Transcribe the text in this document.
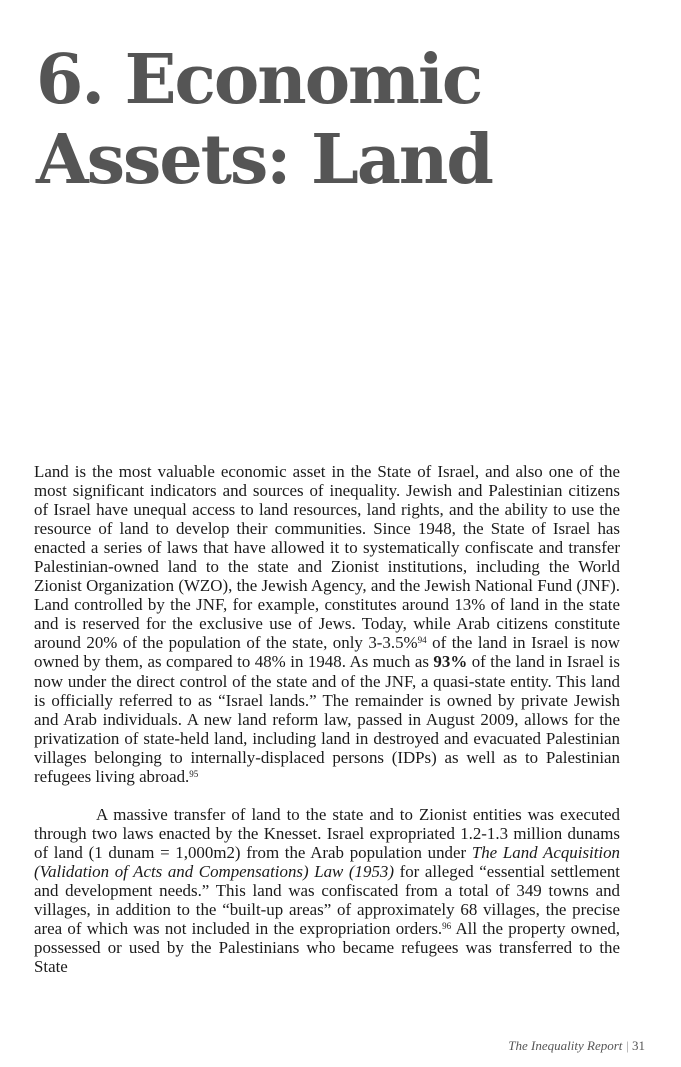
6. Economic
Assets: Land

Land is the most valuable economic asset in the State of Israel, and also one of the most significant indicators and sources of inequality. Jewish and Palestinian citizens of Israel have unequal access to land resources, land rights, and the ability to use the resource of land to develop their communities. Since 1948, the State of Israel has enacted a series of laws that have allowed it to systematically confiscate and transfer Palestinian-owned land to the state and Zionist institutions, including the World Zionist Organization (WZO), the Jewish Agency, and the Jewish National Fund (JNF). Land controlled by the JNF, for example, constitutes around 13% of land in the state and is reserved for the exclusive use of Jews. Today, while Arab citizens constitute around 20% of the population of the state, only 3-3.5%$^{94}$ of the land in Israel is now owned by them, as compared to 48% in 1948. As much as 93% of the land in Israel is now under the direct control of the state and of the JNF, a quasi-state entity. This land is officially referred to as “Israel lands.” The remainder is owned by private Jewish and Arab individuals. A new land reform law, passed in August 2009, allows for the privatization of state-held land, including land in destroyed and evacuated Palestinian villages belonging to internally-displaced persons (IDPs) as well as to Palestinian refugees living abroad.$^{95}$

A massive transfer of land to the state and to Zionist entities was executed through two laws enacted by the Knesset. Israel expropriated 1.2-1.3 million dunams of land (1 dunam = 1,000m2) from the Arab population under The Land Acquisition (Validation of Acts and Compensations) Law (1953) for alleged “essential settlement and development needs.” This land was confiscated from a total of 349 towns and villages, in addition to the “built-up areas” of approximately 68 villages, the precise area of which was not included in the expropriation orders.$^{96}$ All the property owned, possessed or used by the Palestinians who became refugees was transferred to the State

The Inequality Report | 31
